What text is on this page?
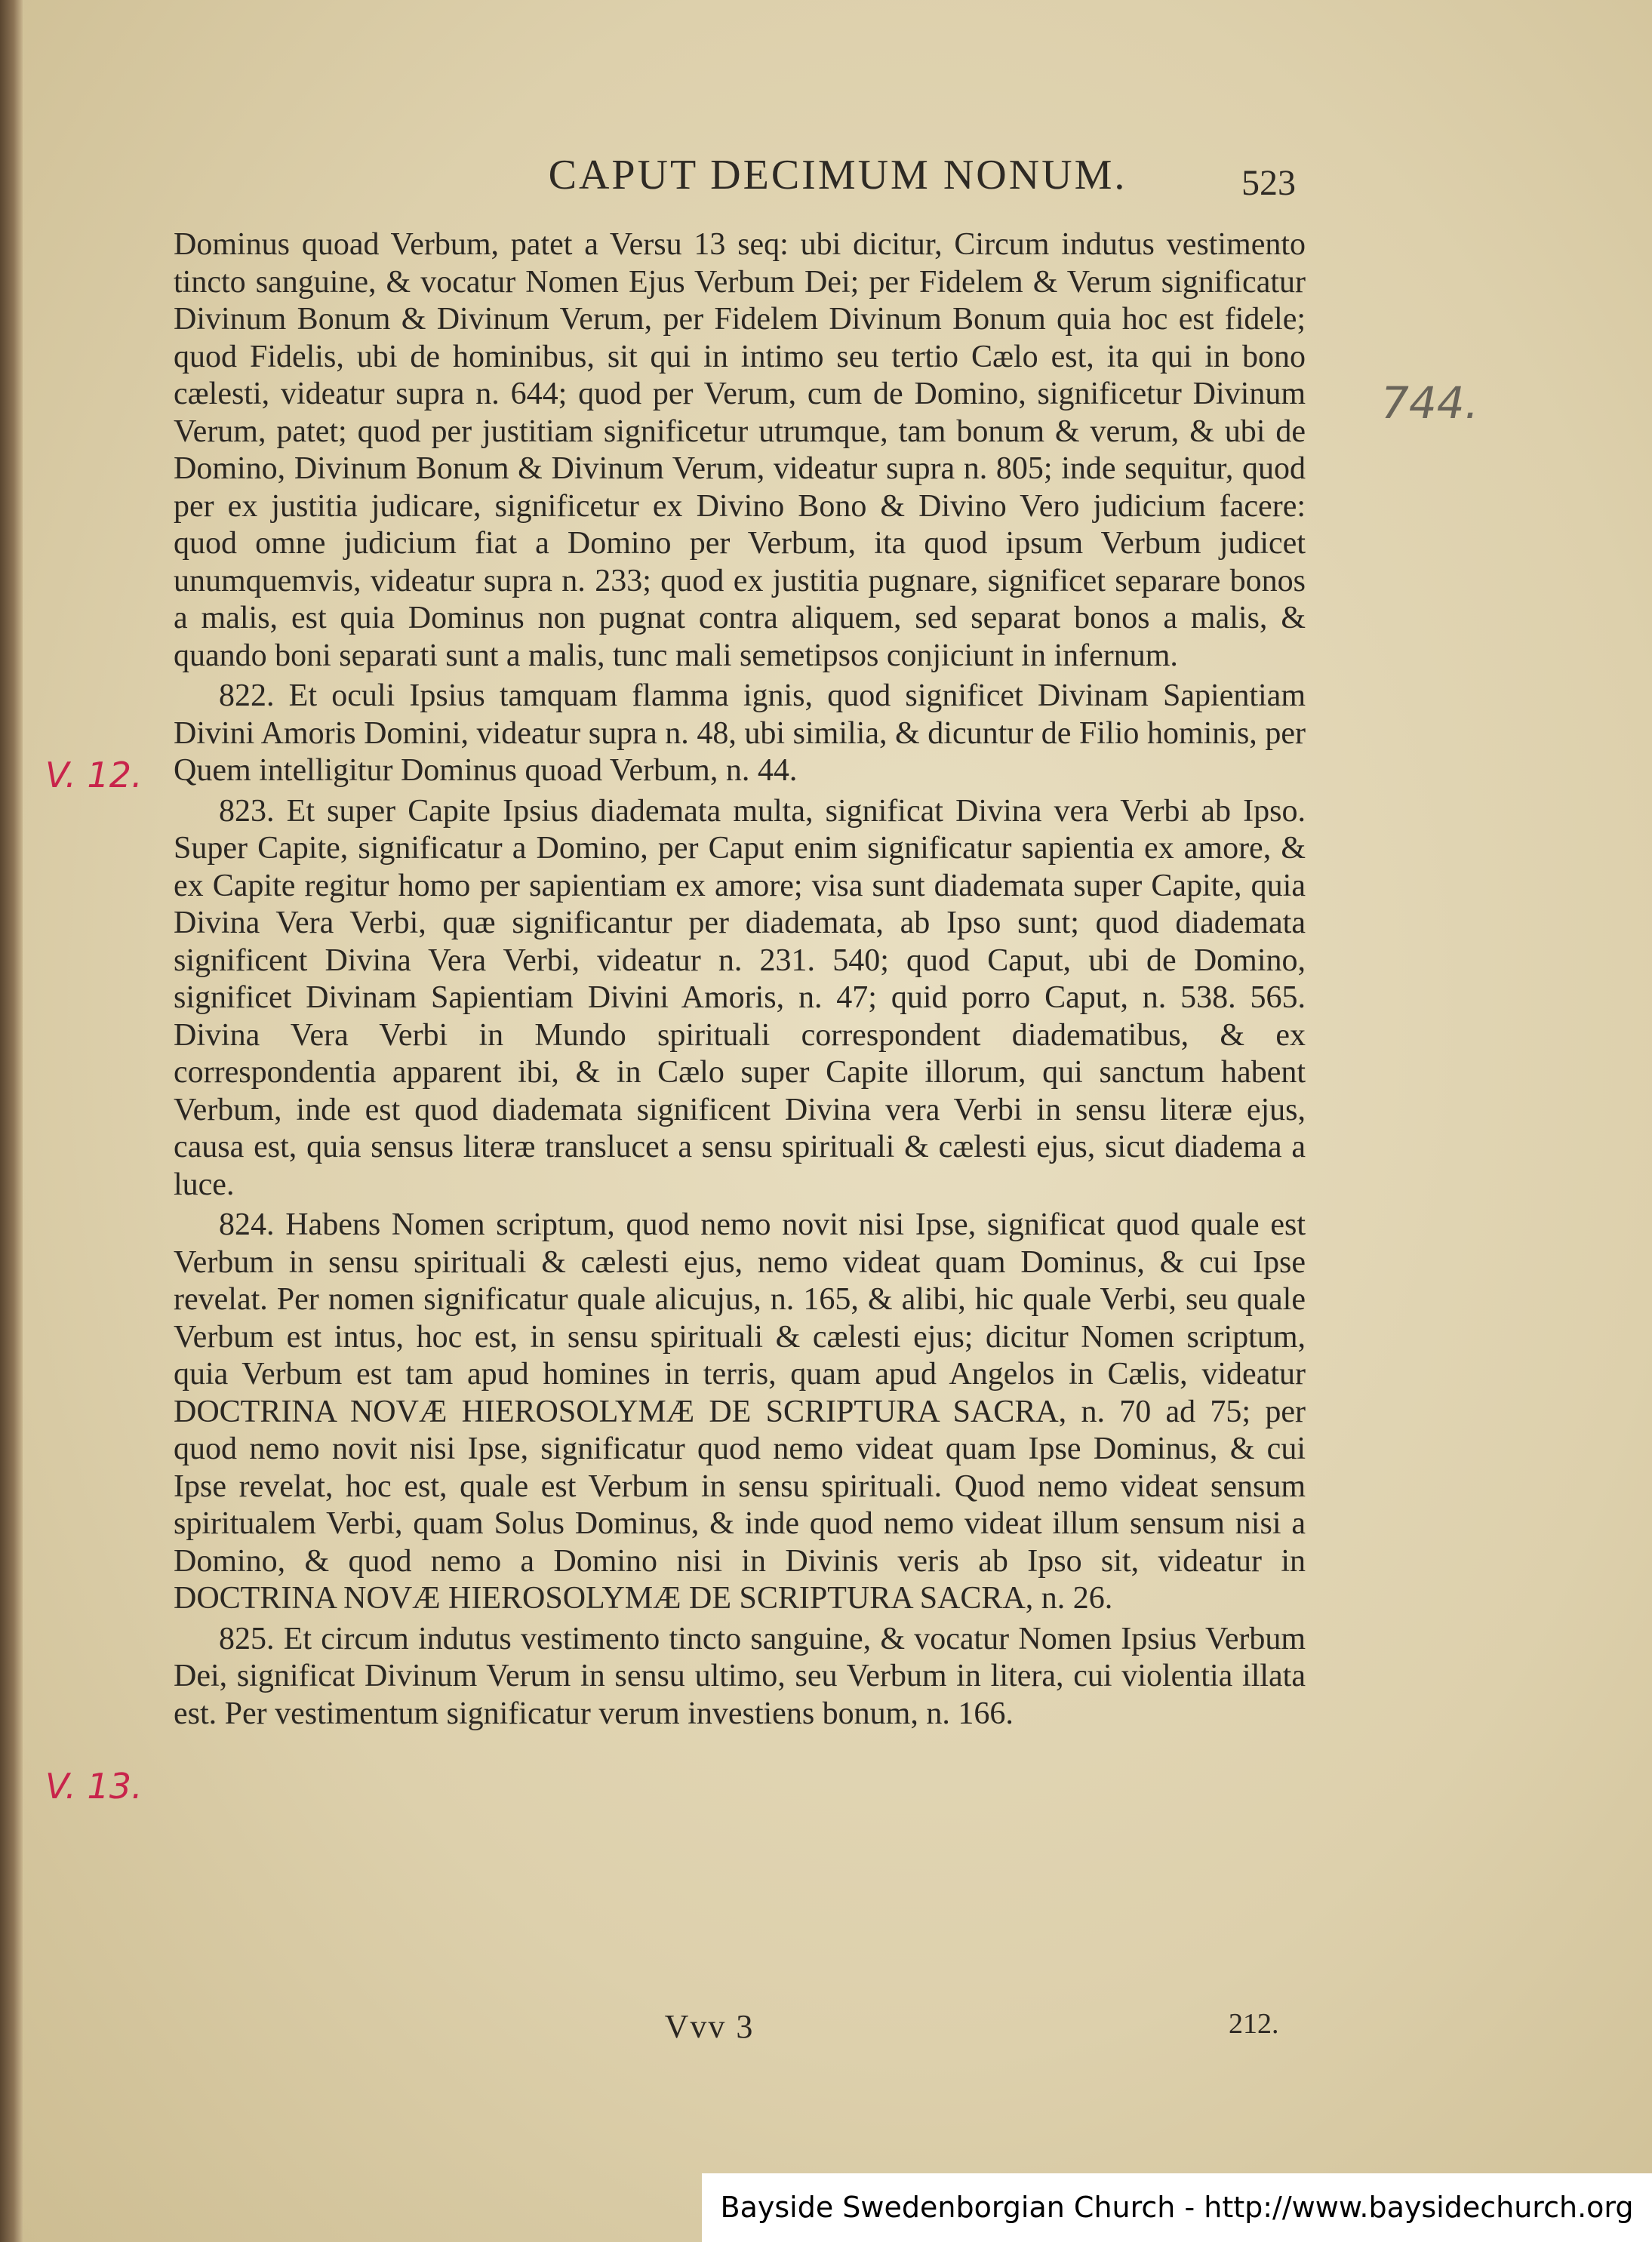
CAPUT DECIMUM NONUM.	523

Dominus quoad Verbum, patet a Versu 13 seq: ubi dicitur, Circum indutus vestimento tincto sanguine, & vocatur Nomen Ejus Verbum Dei; per Fidelem & Verum significatur Divinum Bonum & Divinum Verum, per Fidelem Divinum Bonum quia hoc est fidele; quod Fidelis, ubi de hominibus, sit qui in intimo seu tertio Cælo est, ita qui in bono cælesti, videatur supra n. 644; quod per Verum, cum de Domino, significetur Divinum Verum, patet; quod per justitiam significetur utrumque, tam bonum & verum, & ubi de Domino, Divinum Bonum & Divinum Verum, videatur supra n. 805; inde sequitur, quod per ex justitia judicare, significetur ex Divino Bono & Divino Vero judicium facere: quod omne judicium fiat a Domino per Verbum, ita quod ipsum Verbum judicet unumquemvis, videatur supra n. 233; quod ex justitia pugnare, significet separare bonos a malis, est quia Dominus non pugnat contra aliquem, sed separat bonos a malis, & quando boni separati sunt a malis, tunc mali semetipsos conjiciunt in infernum.

822. Et oculi Ipsius tamquam flamma ignis, quod significet Divinam Sapientiam Divini Amoris Domini, videatur supra n. 48, ubi similia, & dicuntur de Filio hominis, per Quem intelligitur Dominus quoad Verbum, n. 44.

823. Et super Capite Ipsius diademata multa, significat Divina vera Verbi ab Ipso. Super Capite, significatur a Domino, per Caput enim significatur sapientia ex amore, & ex Capite regitur homo per sapientiam ex amore; visa sunt diademata super Capite, quia Divina Vera Verbi, quæ significantur per diademata, ab Ipso sunt; quod diademata significent Divina Vera Verbi, videatur n. 231. 540; quod Caput, ubi de Domino, significet Divinam Sapientiam Divini Amoris, n. 47; quid porro Caput, n. 538. 565. Divina Vera Verbi in Mundo spirituali correspondent diadematibus, & ex correspondentia apparent ibi, & in Cælo super Capite illorum, qui sanctum habent Verbum, inde est quod diademata significent Divina vera Verbi in sensu literæ ejus, causa est, quia sensus literæ translucet a sensu spirituali & cælesti ejus, sicut diadema a luce.

824. Habens Nomen scriptum, quod nemo novit nisi Ipse, significat quod quale est Verbum in sensu spirituali & cælesti ejus, nemo videat quam Dominus, & cui Ipse revelat. Per nomen significatur quale alicujus, n. 165, & alibi, hic quale Verbi, seu quale Verbum est intus, hoc est, in sensu spirituali & cælesti ejus; dicitur Nomen scriptum, quia Verbum est tam apud homines in terris, quam apud Angelos in Cælis, videatur DOCTRINA NOVÆ HIEROSOLYMÆ DE SCRIPTURA SACRA, n. 70 ad 75; per quod nemo novit nisi Ipse, significatur quod nemo videat quam Ipse Dominus, & cui Ipse revelat, hoc est, quale est Verbum in sensu spirituali. Quod nemo videat sensum spiritualem Verbi, quam Solus Dominus, & inde quod nemo videat illum sensum nisi a Domino, & quod nemo a Domino nisi in Divinis veris ab Ipso sit, videatur in DOCTRINA NOVÆ HIEROSOLYMÆ DE SCRIPTURA SACRA, n. 26.

825. Et circum indutus vestimento tincto sanguine, & vocatur Nomen Ipsius Verbum Dei, significat Divinum Verum in sensu ultimo, seu Verbum in litera, cui violentia illata est. Per vestimentum significatur verum investiens bonum, n. 166.

Vvv 3	212.
744.
V. 12.
V. 13.
Bayside Swedenborgian Church - http://www.baysidechurch.org
